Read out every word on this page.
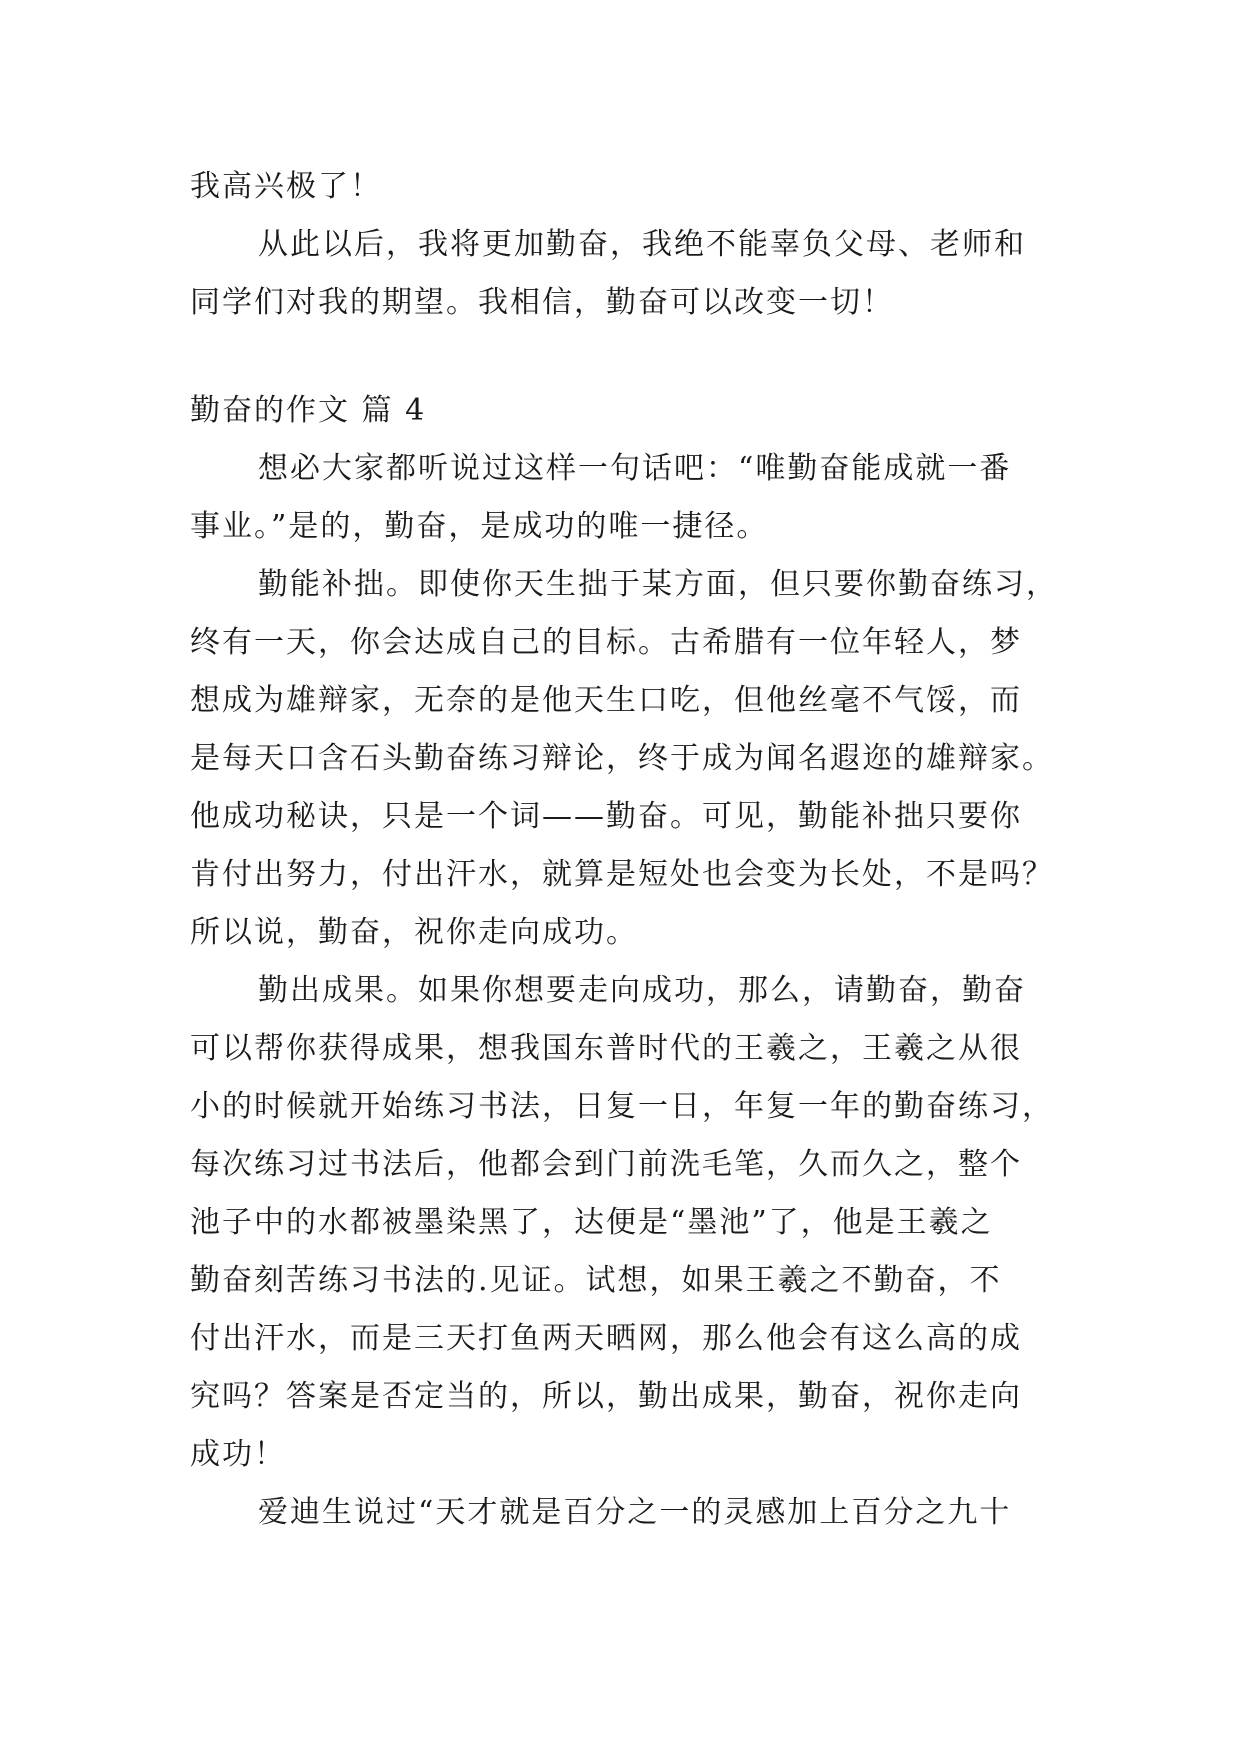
我高兴极了！
从此以后，我将更加勤奋，我绝不能辜负父母、老师和
同学们对我的期望。我相信，勤奋可以改变一切！
勤奋的作文 篇 4
想必大家都听说过这样一句话吧：“唯勤奋能成就一番
事业。”是的，勤奋，是成功的唯一捷径。
勤能补拙。即使你天生拙于某方面，但只要你勤奋练习，
终有一天，你会达成自己的目标。古希腊有一位年轻人，梦
想成为雄辩家，无奈的是他天生口吃，但他丝毫不气馁，而
是每天口含石头勤奋练习辩论，终于成为闻名遐迩的雄辩家。
他成功秘诀，只是一个词——勤奋。可见，勤能补拙只要你
肯付出努力，付出汗水，就算是短处也会变为长处，不是吗？
所以说，勤奋，祝你走向成功。
勤出成果。如果你想要走向成功，那么，请勤奋，勤奋
可以帮你获得成果，想我国东普时代的王羲之，王羲之从很
小的时候就开始练习书法，日复一日，年复一年的勤奋练习，
每次练习过书法后，他都会到门前洗毛笔，久而久之，整个
池子中的水都被墨染黑了，达便是“墨池”了，他是王羲之
勤奋刻苦练习书法的.见证。试想，如果王羲之不勤奋，不
付出汗水，而是三天打鱼两天晒网，那么他会有这么高的成
究吗？答案是否定当的，所以，勤出成果，勤奋，祝你走向
成功！
爱迪生说过“天才就是百分之一的灵感加上百分之九十
